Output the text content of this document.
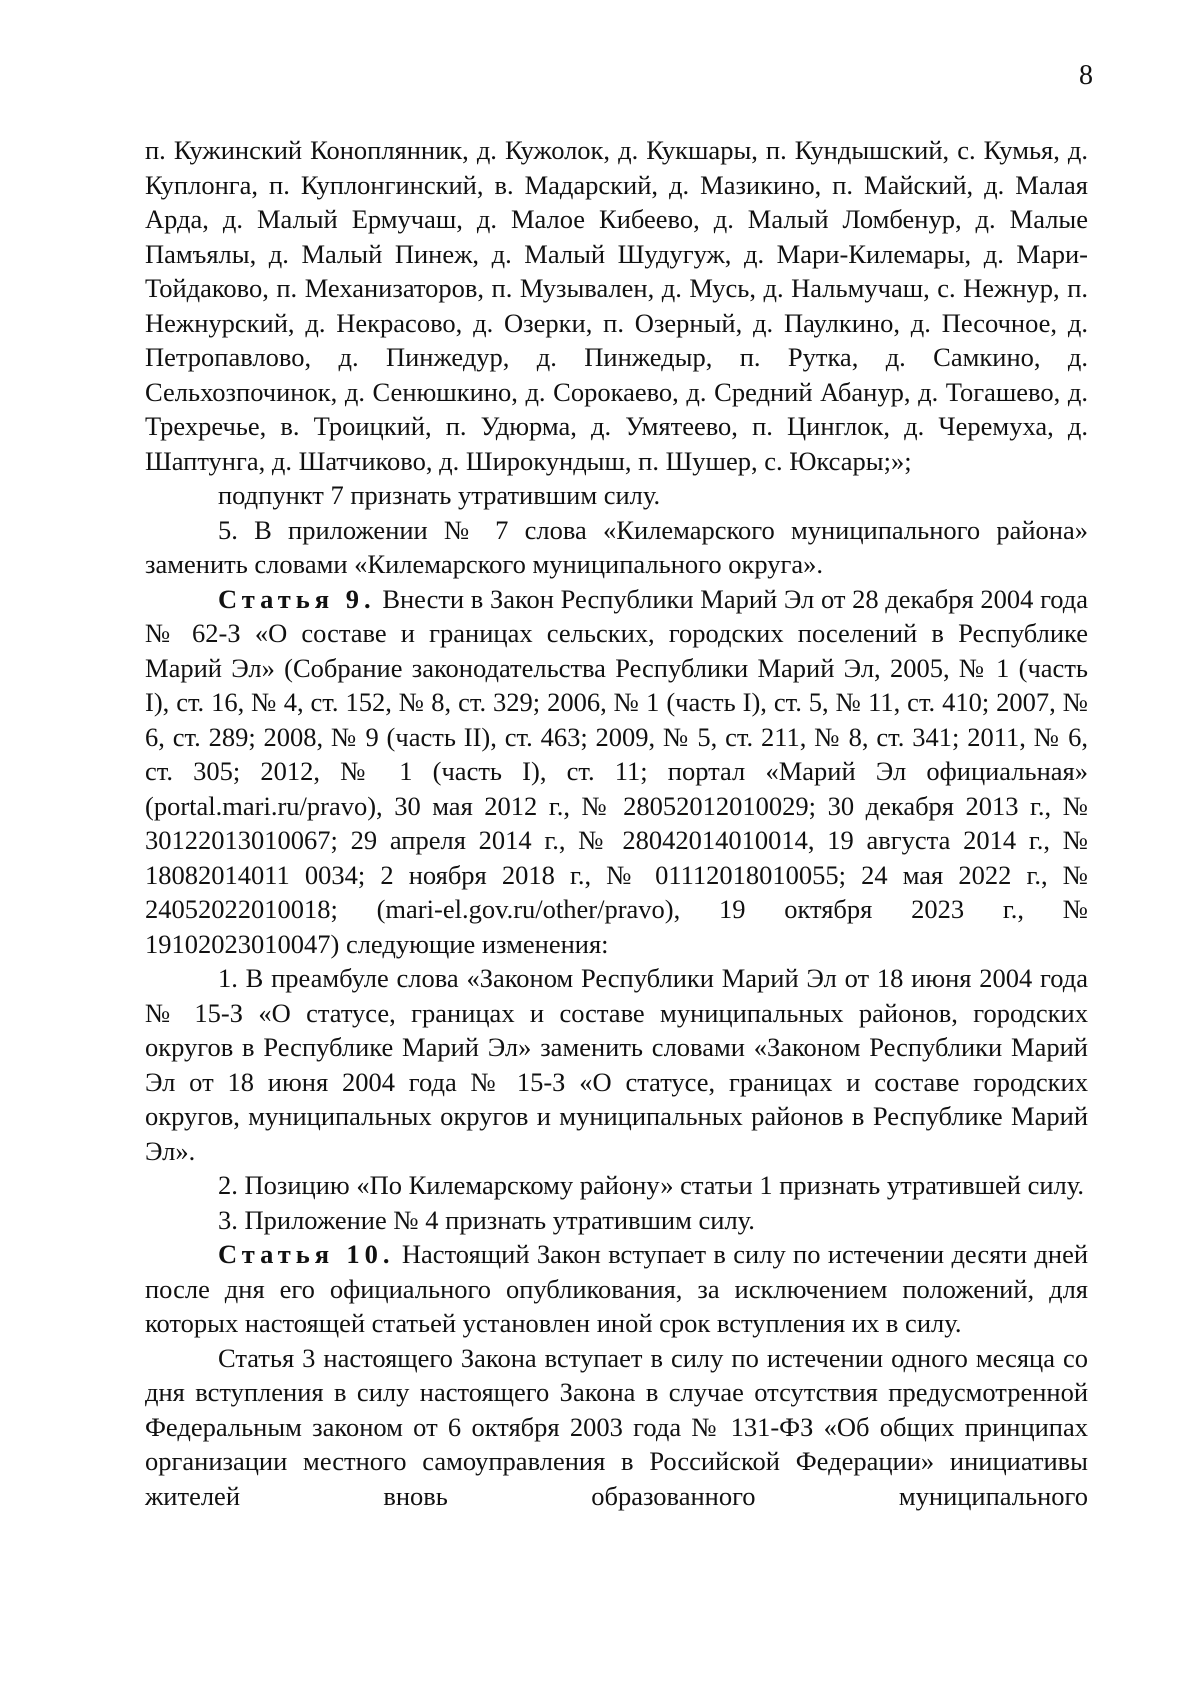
8

п. Кужинский Коноплянник, д. Кужолок, д. Кукшары, п. Кундышский, с. Кумья, д. Куплонга, п. Куплонгинский, в. Мадарский, д. Мазикино, п. Майский, д. Малая Арда, д. Малый Ермучаш, д. Малое Кибеево, д. Малый Ломбенур, д. Малые Памъялы, д. Малый Пинеж, д. Малый Шудугуж, д. Мари-Килемары, д. Мари-Тойдаково, п. Механизаторов, п. Музывален, д. Мусь, д. Нальмучаш, с. Нежнур, п. Нежнурский, д. Некрасово, д. Озерки, п. Озерный, д. Паулкино, д. Песочное, д. Петропавлово, д. Пинжедур, д. Пинжедыр, п. Рутка, д. Самкино, д. Сельхозпочинок, д. Сенюшкино, д. Сорокаево, д. Средний Абанур, д. Тогашево, д. Трехречье, в. Троицкий, п. Удюрма, д. Умятеево, п. Цинглок, д. Черемуха, д. Шаптунга, д. Шатчиково, д. Широкундыш, п. Шушер, с. Юксары;»;

подпункт 7 признать утратившим силу.

5. В приложении № 7 слова «Килемарского муниципального района» заменить словами «Килемарского муниципального округа».

Статья 9. Внести в Закон Республики Марий Эл от 28 декабря 2004 года № 62-З «О составе и границах сельских, городских поселений в Республике Марий Эл» (Собрание законодательства Республики Марий Эл, 2005, № 1 (часть I), ст. 16, № 4, ст. 152, № 8, ст. 329; 2006, № 1 (часть I), ст. 5, № 11, ст. 410; 2007, № 6, ст. 289; 2008, № 9 (часть II), ст. 463; 2009, № 5, ст. 211, № 8, ст. 341; 2011, № 6, ст. 305; 2012, № 1 (часть I), ст. 11; портал «Марий Эл официальная» (portal.mari.ru/pravo), 30 мая 2012 г., № 28052012010029; 30 декабря 2013 г., № 30122013010067; 29 апреля 2014 г., № 28042014010014, 19 августа 2014 г., № 18082014011 0034; 2 ноября 2018 г., № 01112018010055; 24 мая 2022 г., № 24052022010018; (mari-el.gov.ru/other/pravo), 19 октября 2023 г., № 19102023010047) следующие изменения:

1. В преамбуле слова «Законом Республики Марий Эл от 18 июня 2004 года № 15-З «О статусе, границах и составе муниципальных районов, городских округов в Республике Марий Эл» заменить словами «Законом Республики Марий Эл от 18 июня 2004 года № 15-З «О статусе, границах и составе городских округов, муниципальных округов и муниципальных районов в Республике Марий Эл».

2. Позицию «По Килемарскому району» статьи 1 признать утратившей силу.

3. Приложение № 4 признать утратившим силу.

Статья 10. Настоящий Закон вступает в силу по истечении десяти дней после дня его официального опубликования, за исключением положений, для которых настоящей статьей установлен иной срок вступления их в силу.

Статья 3 настоящего Закона вступает в силу по истечении одного месяца со дня вступления в силу настоящего Закона в случае отсутствия предусмотренной Федеральным законом от 6 октября 2003 года № 131-ФЗ «Об общих принципах организации местного самоуправления в Российской Федерации» инициативы жителей вновь образованного муниципального
